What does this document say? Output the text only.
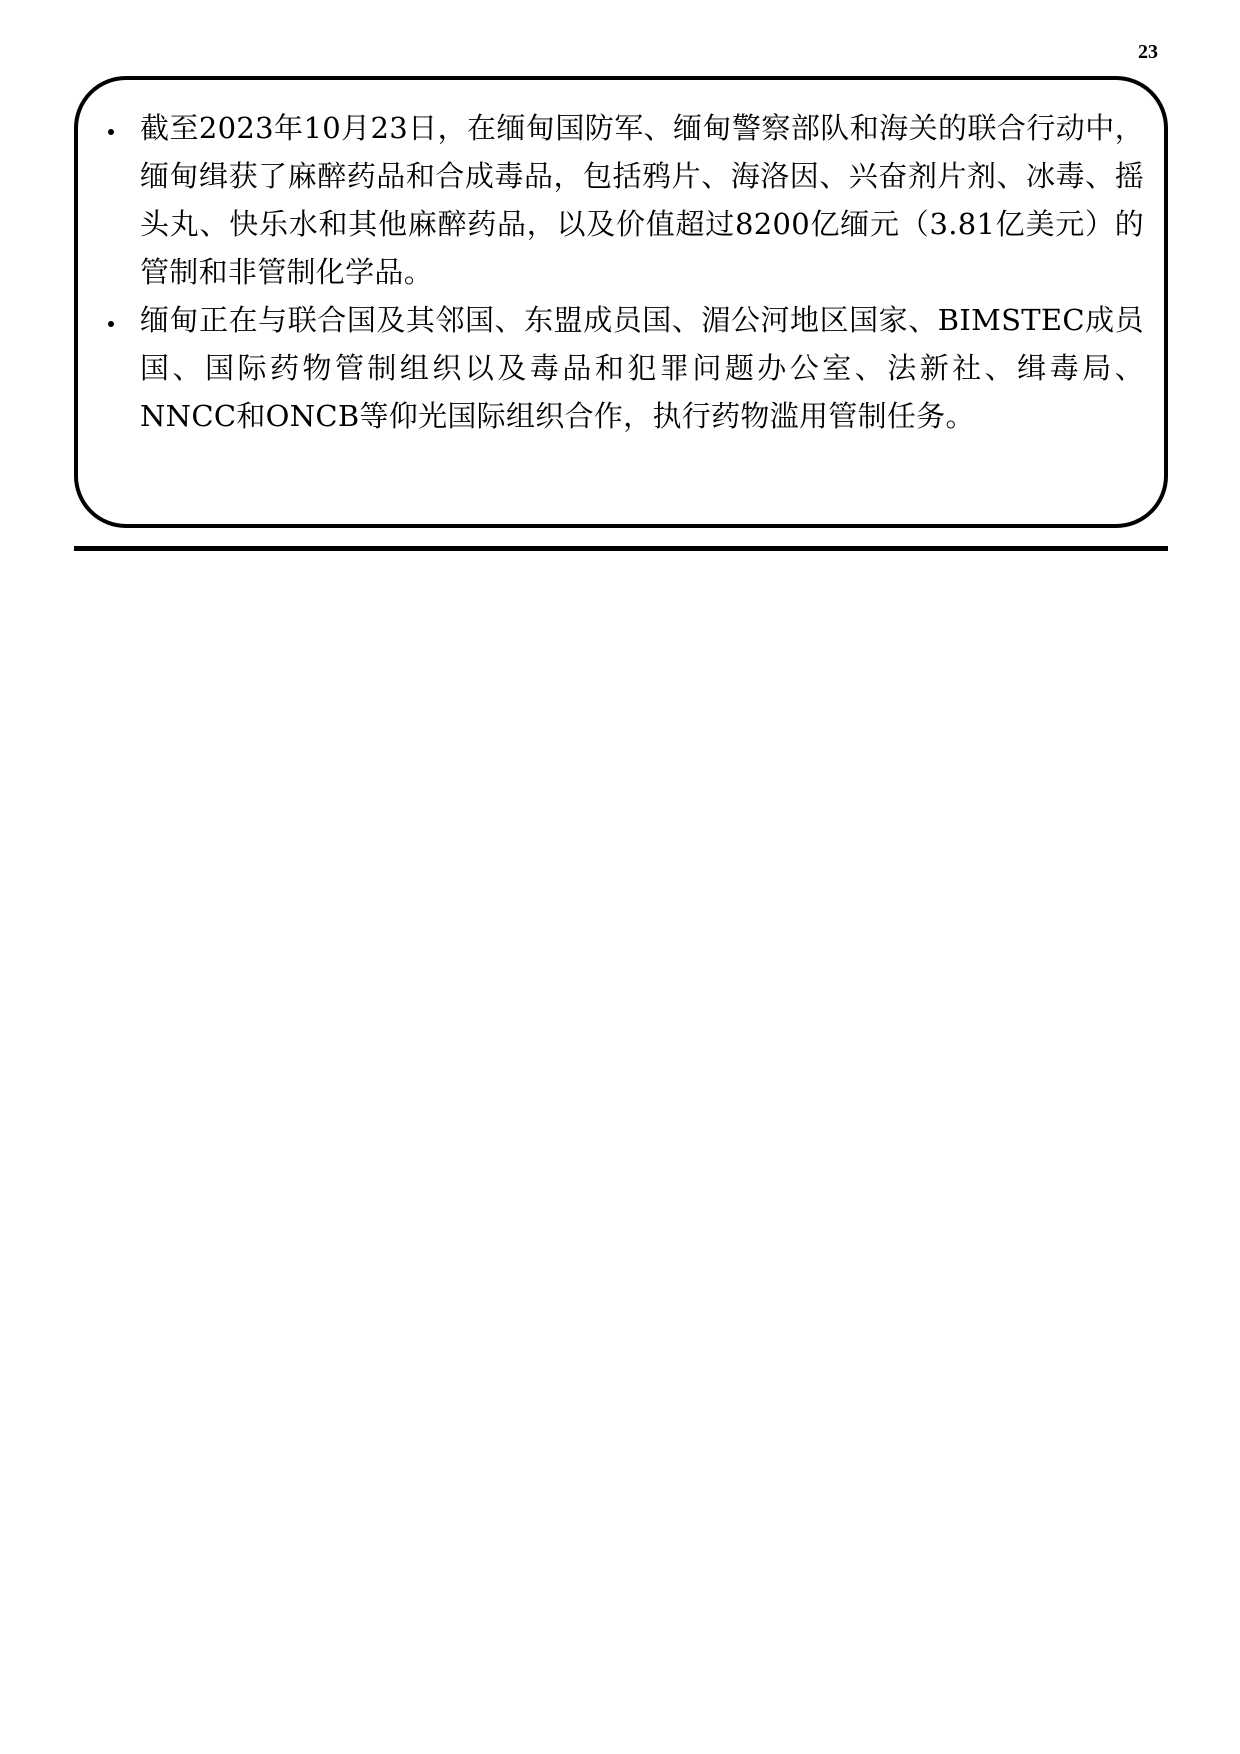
23
截至2023年10月23日，在缅甸国防军、缅甸警察部队和海关的联合行动中，缅甸缉获了麻醉药品和合成毒品，包括鸦片、海洛因、兴奋剂片剂、冰毒、摇头丸、快乐水和其他麻醉药品，以及价值超过8200亿缅元（3.81亿美元）的管制和非管制化学品。
缅甸正在与联合国及其邻国、东盟成员国、湄公河地区国家、BIMSTEC成员国、国际药物管制组织以及毒品和犯罪问题办公室、法新社、缉毒局、NNCC和ONCB等仰光国际组织合作，执行药物滥用管制任务。
